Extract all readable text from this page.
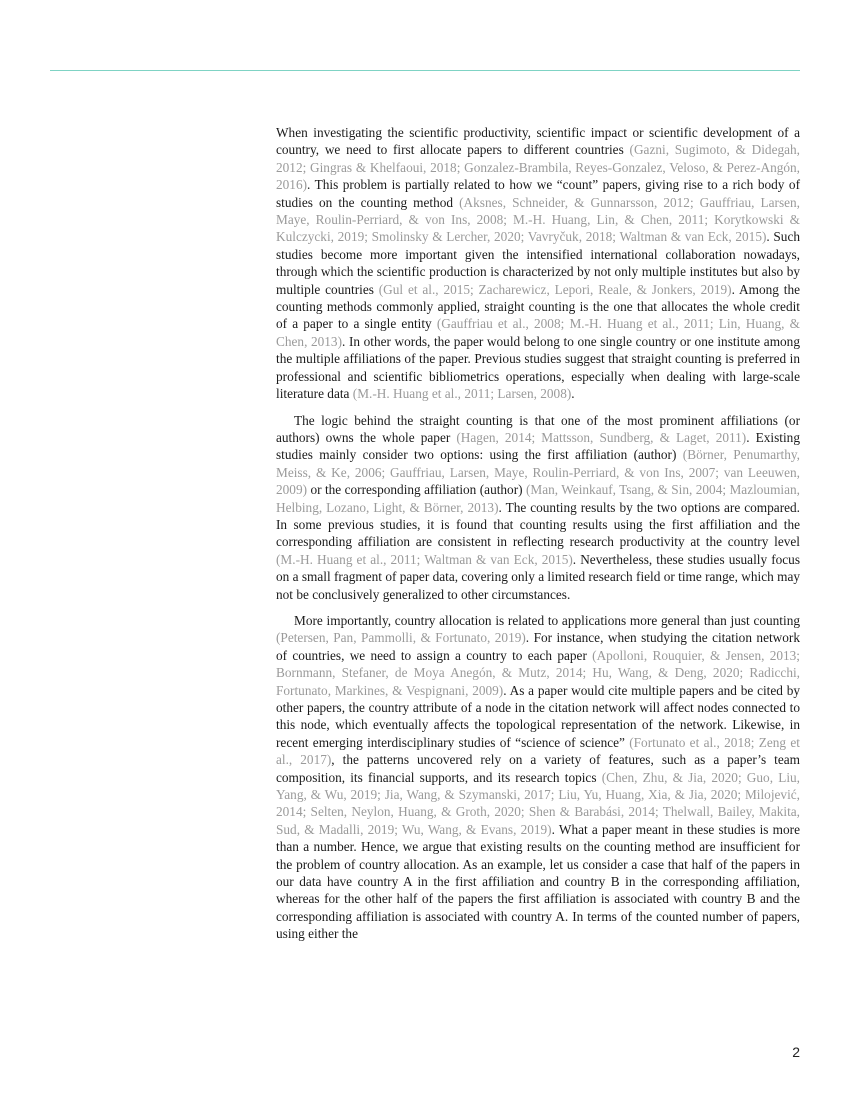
When investigating the scientific productivity, scientific impact or scientific development of a country, we need to first allocate papers to different countries (Gazni, Sugimoto, & Didegah, 2012; Gingras & Khelfaoui, 2018; Gonzalez-Brambila, Reyes-Gonzalez, Veloso, & Perez-Angón, 2016). This problem is partially related to how we “count” papers, giving rise to a rich body of studies on the counting method (Aksnes, Schneider, & Gunnarsson, 2012; Gauffriau, Larsen, Maye, Roulin-Perriard, & von Ins, 2008; M.-H. Huang, Lin, & Chen, 2011; Korytkowski & Kulczycki, 2019; Smolinsky & Lercher, 2020; Vavryčuk, 2018; Waltman & van Eck, 2015). Such studies become more important given the intensified international collaboration nowadays, through which the scientific production is characterized by not only multiple institutes but also by multiple countries (Gul et al., 2015; Zacharewicz, Lepori, Reale, & Jonkers, 2019). Among the counting methods commonly applied, straight counting is the one that allocates the whole credit of a paper to a single entity (Gauffriau et al., 2008; M.-H. Huang et al., 2011; Lin, Huang, & Chen, 2013). In other words, the paper would belong to one single country or one institute among the multiple affiliations of the paper. Previous studies suggest that straight counting is preferred in professional and scientific bibliometrics operations, especially when dealing with large-scale literature data (M.-H. Huang et al., 2011; Larsen, 2008).

The logic behind the straight counting is that one of the most prominent affiliations (or authors) owns the whole paper (Hagen, 2014; Mattsson, Sundberg, & Laget, 2011). Existing studies mainly consider two options: using the first affiliation (author) (Börner, Penumarthy, Meiss, & Ke, 2006; Gauffriau, Larsen, Maye, Roulin-Perriard, & von Ins, 2007; van Leeuwen, 2009) or the corresponding affiliation (author) (Man, Weinkauf, Tsang, & Sin, 2004; Mazloumian, Helbing, Lozano, Light, & Börner, 2013). The counting results by the two options are compared. In some previous studies, it is found that counting results using the first affiliation and the corresponding affiliation are consistent in reflecting research productivity at the country level (M.-H. Huang et al., 2011; Waltman & van Eck, 2015). Nevertheless, these studies usually focus on a small fragment of paper data, covering only a limited research field or time range, which may not be conclusively generalized to other circumstances.

More importantly, country allocation is related to applications more general than just counting (Petersen, Pan, Pammolli, & Fortunato, 2019). For instance, when studying the citation network of countries, we need to assign a country to each paper (Apolloni, Rouquier, & Jensen, 2013; Bornmann, Stefaner, de Moya Anegón, & Mutz, 2014; Hu, Wang, & Deng, 2020; Radicchi, Fortunato, Markines, & Vespignani, 2009). As a paper would cite multiple papers and be cited by other papers, the country attribute of a node in the citation network will affect nodes connected to this node, which eventually affects the topological representation of the network. Likewise, in recent emerging interdisciplinary studies of “science of science” (Fortunato et al., 2018; Zeng et al., 2017), the patterns uncovered rely on a variety of features, such as a paper’s team composition, its financial supports, and its research topics (Chen, Zhu, & Jia, 2020; Guo, Liu, Yang, & Wu, 2019; Jia, Wang, & Szymanski, 2017; Liu, Yu, Huang, Xia, & Jia, 2020; Milojević, 2014; Selten, Neylon, Huang, & Groth, 2020; Shen & Barabási, 2014; Thelwall, Bailey, Makita, Sud, & Madalli, 2019; Wu, Wang, & Evans, 2019). What a paper meant in these studies is more than a number. Hence, we argue that existing results on the counting method are insufficient for the problem of country allocation. As an example, let us consider a case that half of the papers in our data have country A in the first affiliation and country B in the corresponding affiliation, whereas for the other half of the papers the first affiliation is associated with country B and the corresponding affiliation is associated with country A. In terms of the counted number of papers, using either the

2
